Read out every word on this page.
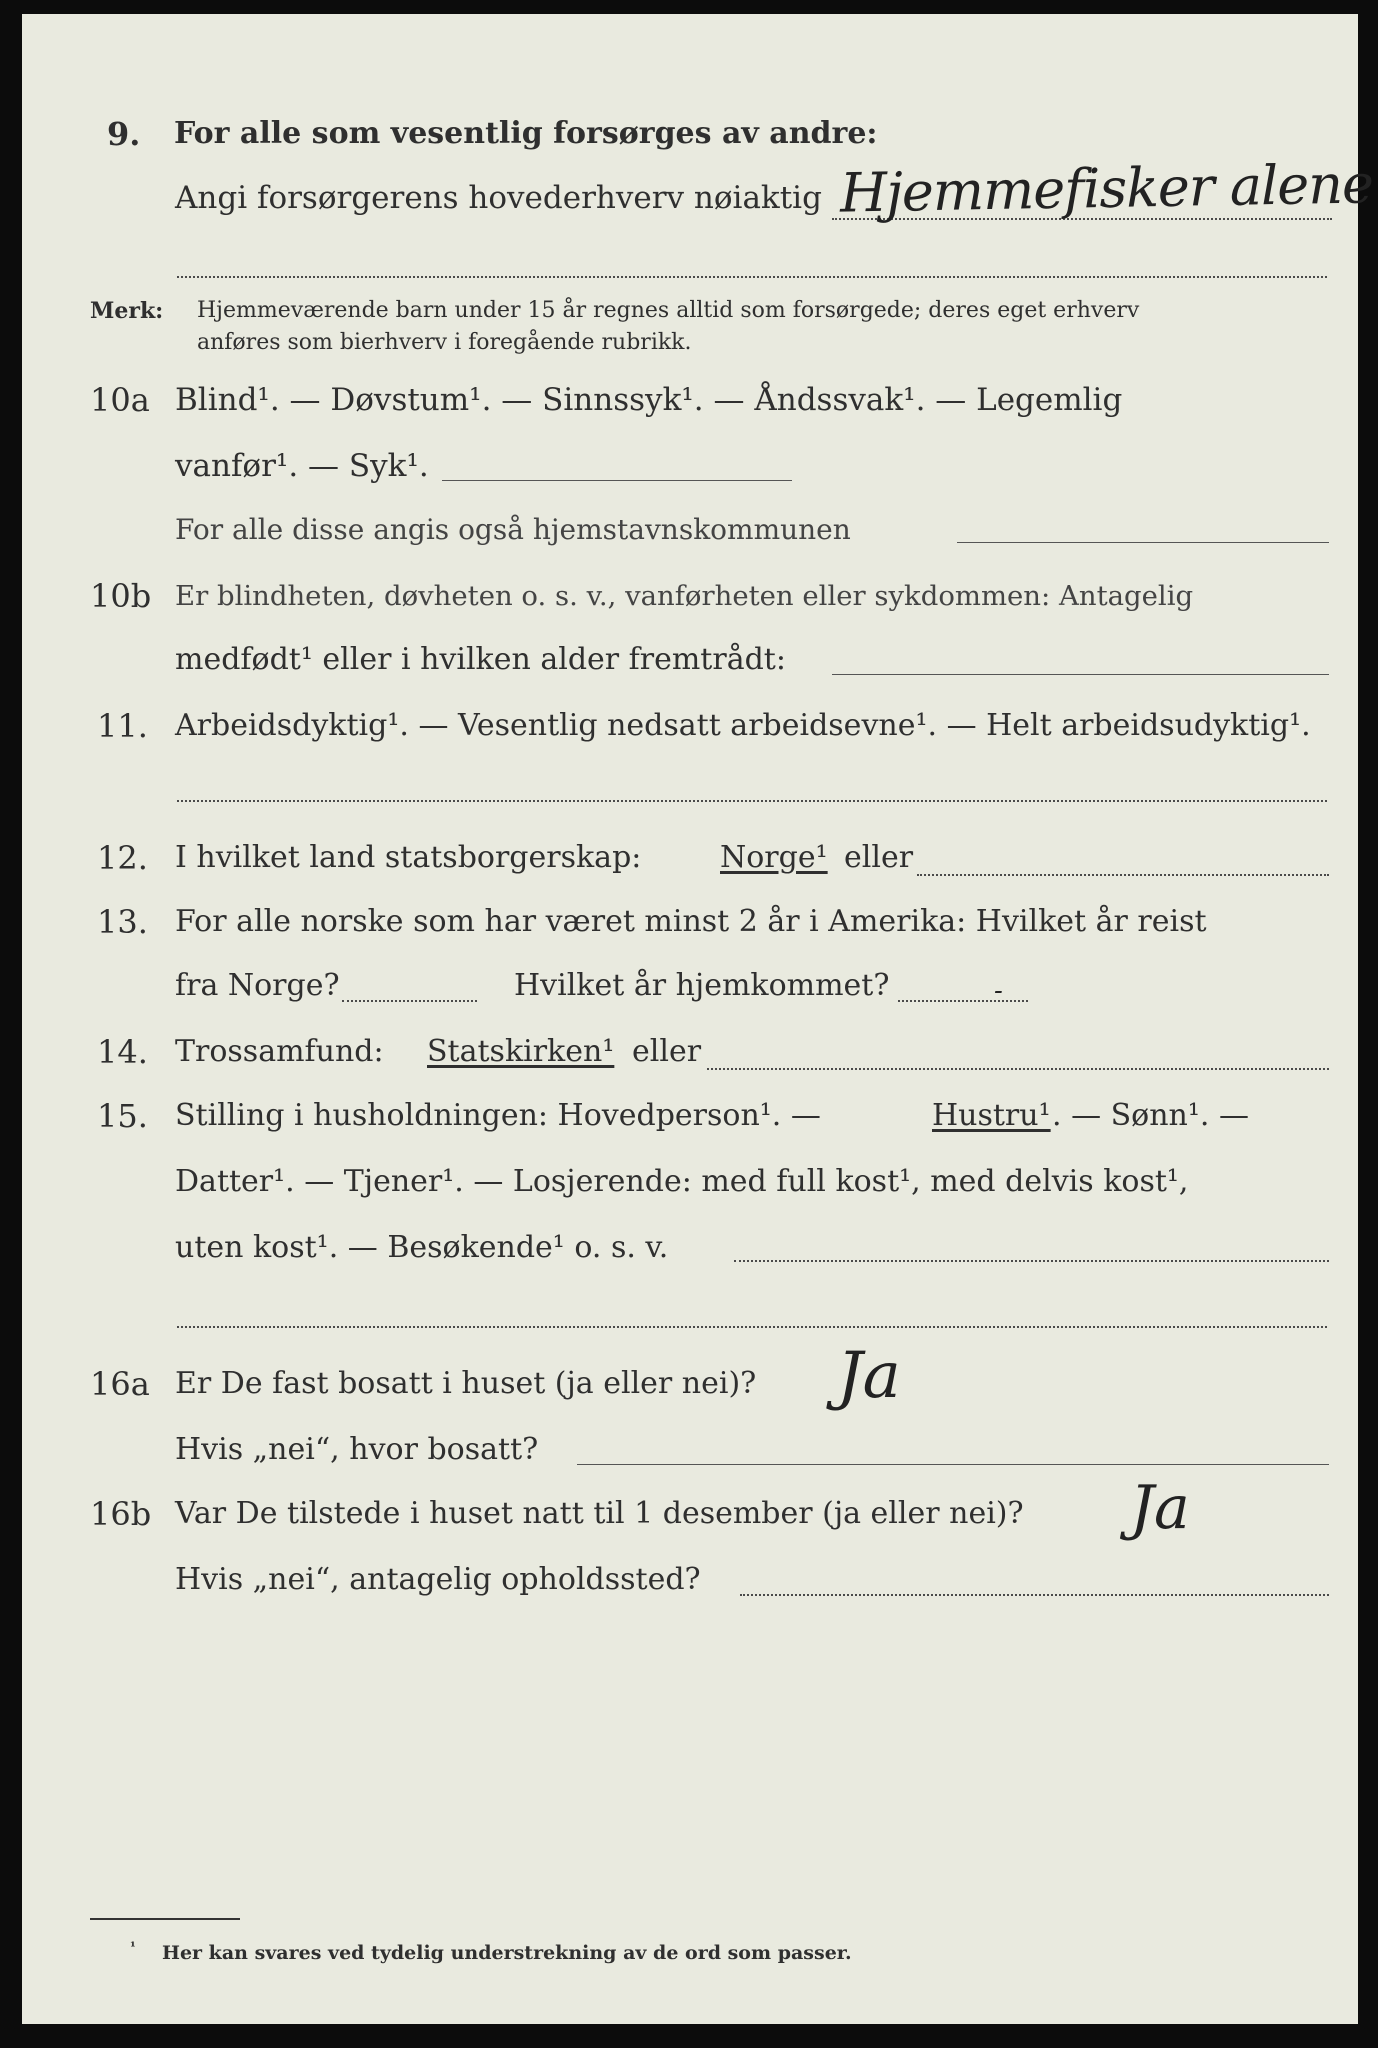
9. For alle som vesentlig forsørges av andre:
Angi forsørgerens hovederhverv nøiaktig Hjemmefisker alene
Merk: Hjemmeværende barn under 15 år regnes alltid som forsørgede; deres eget erhverv
anføres som bierhverv i foregående rubrikk.
10a Blind¹. — Døvstum¹. — Sinnssyk¹. — Åndssvak¹. — Legemlig
vanfør¹. — Syk¹.
For alle disse angis også hjemstavnskommunen
10b Er blindheten, døvheten o. s. v., vanførheten eller sykdommen: Antagelig
medfødt¹ eller i hvilken alder fremtrådt:
11. Arbeidsdyktig¹. — Vesentlig nedsatt arbeidsevne¹. — Helt arbeidsudyktig¹.
12. I hvilket land statsborgerskap:	Norge¹ eller
13. For alle norske som har været minst 2 år i Amerika: Hvilket år reist
fra Norge?	Hvilket år hjemkommet?	-
14. Trossamfund: Statskirken¹ eller
15. Stilling i husholdningen: Hovedperson¹. —	Hustru¹ . — Sønn¹. —
Datter¹. — Tjener¹. — Losjerende: med full kost¹, med delvis kost¹,
uten kost¹. — Besøkende¹ o. s. v.
16a Er De fast bosatt i huset (ja eller nei)? Ja
Hvis „nei“, hvor bosatt?
16b Var De tilstede i huset natt til 1 desember (ja eller nei)? Ja
Hvis „nei“, antagelig opholdssted?
¹ Her kan svares ved tydelig understrekning av de ord som passer.
